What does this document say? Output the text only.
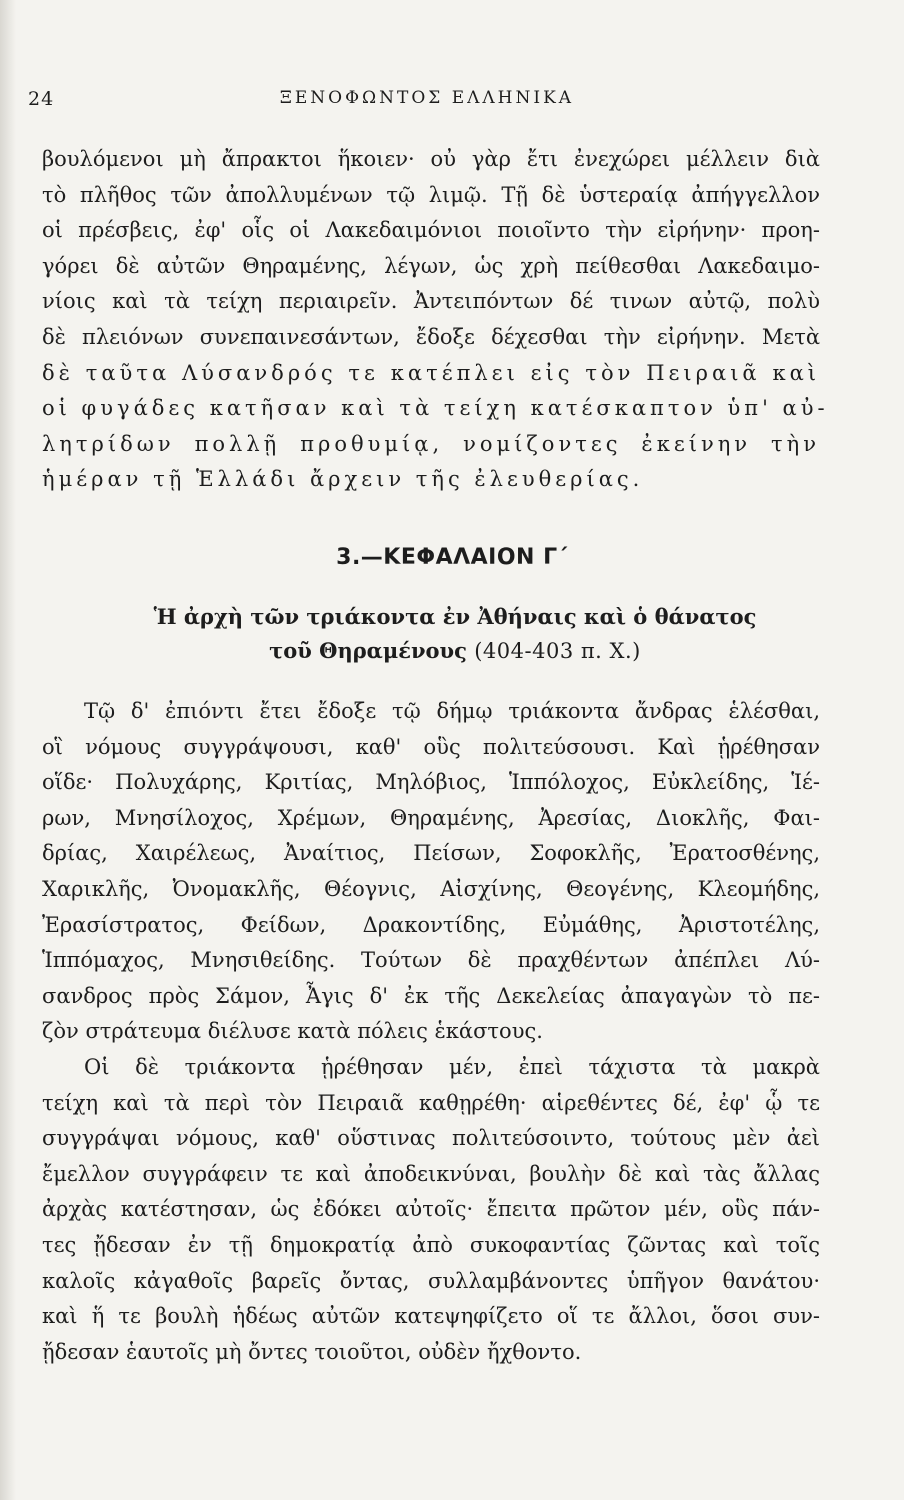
24	ΞΕΝΟΦΩΝΤΟΣ ΕΛΛΗΝΙΚΑ
βουλόμενοι μὴ ἄπρακτοι ἥκοιεν· οὐ γὰρ ἔτι ἐνεχώρει μέλλειν διὰ
τὸ πλῆθος τῶν ἀπολλυμένων τῷ λιμῷ. Τῇ δὲ ὑστεραίᾳ ἀπήγγελλον
οἱ πρέσβεις, ἐφ' οἷς οἱ Λακεδαιμόνιοι ποιοῖντο τὴν εἰρήνην· προη-
γόρει δὲ αὐτῶν Θηραμένης, λέγων, ὡς χρὴ πείθεσθαι Λακεδαιμο-
νίοις καὶ τὰ τείχη περιαιρεῖν. Ἀντειπόντων δέ τινων αὐτῷ, πολὺ
δὲ πλειόνων συνεπαινεσάντων, ἔδοξε δέχεσθαι τὴν εἰρήνην. Μετὰ
δὲ ταῦτα Λύσανδρός τε κατέπλει εἰς τὸν Πειραιᾶ καὶ
οἱ φυγάδες κατῆσαν καὶ τὰ τείχη κατέσκαπτον ὑπ' αὐ-
λητρίδων πολλῇ προθυμίᾳ, νομίζοντες ἐκείνην τὴν
ἡμέραν τῇ Ἑλλάδι ἄρχειν τῆς ἐλευθερίας.
3.—ΚΕΦΑΛΑΙΟΝ Γ΄
Ἡ ἀρχὴ τῶν τριάκοντα ἐν Ἀθήναις καὶ ὁ θάνατος
τοῦ Θηραμένους (404-403 π. Χ.)
Τῷ δ' ἐπιόντι ἔτει ἔδοξε τῷ δήμῳ τριάκοντα ἄνδρας ἑλέσθαι,
οἳ νόμους συγγράψουσι, καθ' οὓς πολιτεύσουσι. Καὶ ᾑρέθησαν
οἵδε· Πολυχάρης, Κριτίας, Μηλόβιος, Ἱππόλοχος, Εὐκλείδης, Ἱέ-
ρων, Μνησίλοχος, Χρέμων, Θηραμένης, Ἀρεσίας, Διοκλῆς, Φαι-
δρίας, Χαιρέλεως, Ἀναίτιος, Πείσων, Σοφοκλῆς, Ἐρατοσθένης,
Χαρικλῆς, Ὀνομακλῆς, Θέογνις, Αἰσχίνης, Θεογένης, Κλεομήδης,
Ἐρασίστρατος, Φείδων, Δρακοντίδης, Εὐμάθης, Ἀριστοτέλης,
Ἱππόμαχος, Μνησιθείδης. Τούτων δὲ πραχθέντων ἀπέπλει Λύ-
σανδρος πρὸς Σάμον, Ἆγις δ' ἐκ τῆς Δεκελείας ἀπαγαγὼν τὸ πε-
ζὸν στράτευμα διέλυσε κατὰ πόλεις ἑκάστους.
Οἱ δὲ τριάκοντα ᾑρέθησαν μέν, ἐπεὶ τάχιστα τὰ μακρὰ
τείχη καὶ τὰ περὶ τὸν Πειραιᾶ καθῃρέθη· αἱρεθέντες δέ, ἐφ' ᾧ τε
συγγράψαι νόμους, καθ' οὕστινας πολιτεύσοιντο, τούτους μὲν ἀεὶ
ἔμελλον συγγράφειν τε καὶ ἀποδεικνύναι, βουλὴν δὲ καὶ τὰς ἄλλας
ἀρχὰς κατέστησαν, ὡς ἐδόκει αὐτοῖς· ἔπειτα πρῶτον μέν, οὓς πάν-
τες ᾔδεσαν ἐν τῇ δημοκρατίᾳ ἀπὸ συκοφαντίας ζῶντας καὶ τοῖς
καλοῖς κἀγαθοῖς βαρεῖς ὄντας, συλλαμβάνοντες ὑπῆγον θανάτου·
καὶ ἥ τε βουλὴ ἡδέως αὐτῶν κατεψηφίζετο οἵ τε ἄλλοι, ὅσοι συν-
ᾔδεσαν ἑαυτοῖς μὴ ὄντες τοιοῦτοι, οὐδὲν ἤχθοντο.
